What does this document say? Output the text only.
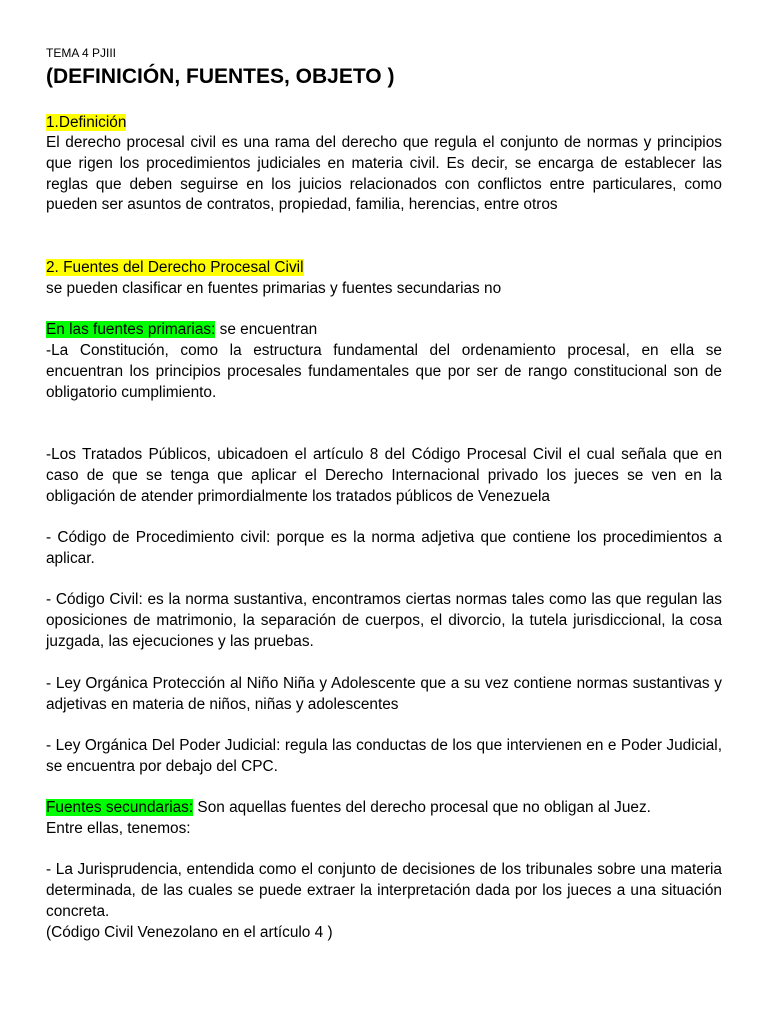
TEMA 4 PJIII
(DEFINICIÓN, FUENTES, OBJETO )
1.Definición

El derecho procesal civil es una rama del derecho que regula el conjunto de normas y principios que rigen los procedimientos judiciales en materia civil. Es decir, se encarga de establecer las reglas que deben seguirse en los juicios relacionados con conflictos entre particulares, como pueden ser asuntos de contratos, propiedad, familia, herencias, entre otros

2. Fuentes del Derecho Procesal Civil

se pueden clasificar en fuentes primarias y fuentes secundarias no

En las fuentes primarias: se encuentran

-La Constitución, como la estructura fundamental del ordenamiento procesal, en ella se encuentran los principios procesales fundamentales que por ser de rango constitucional son de obligatorio cumplimiento.

-Los Tratados Públicos, ubicadoen el artículo 8 del Código Procesal Civil el cual señala que en caso de que se tenga que aplicar el Derecho Internacional privado los jueces se ven en la obligación de atender primordialmente los tratados públicos de Venezuela

- Código de Procedimiento civil: porque es la norma adjetiva que contiene los procedimientos a aplicar.

- Código Civil: es la norma sustantiva, encontramos ciertas normas tales como las que regulan las oposiciones de matrimonio, la separación de cuerpos, el divorcio, la tutela jurisdiccional, la cosa juzgada, las ejecuciones y las pruebas.

- Ley Orgánica Protección al Niño Niña y Adolescente que a su vez contiene normas sustantivas y adjetivas en materia de niños, niñas y adolescentes

- Ley Orgánica Del Poder Judicial: regula las conductas de los que intervienen en e Poder Judicial, se encuentra por debajo del CPC.

Fuentes secundarias: Son aquellas fuentes del derecho procesal que no obligan al Juez.

Entre ellas, tenemos:

- La Jurisprudencia, entendida como el conjunto de decisiones de los tribunales sobre una materia determinada, de las cuales se puede extraer la interpretación dada por los jueces a una situación concreta.

(Código Civil Venezolano en el artículo 4 )
